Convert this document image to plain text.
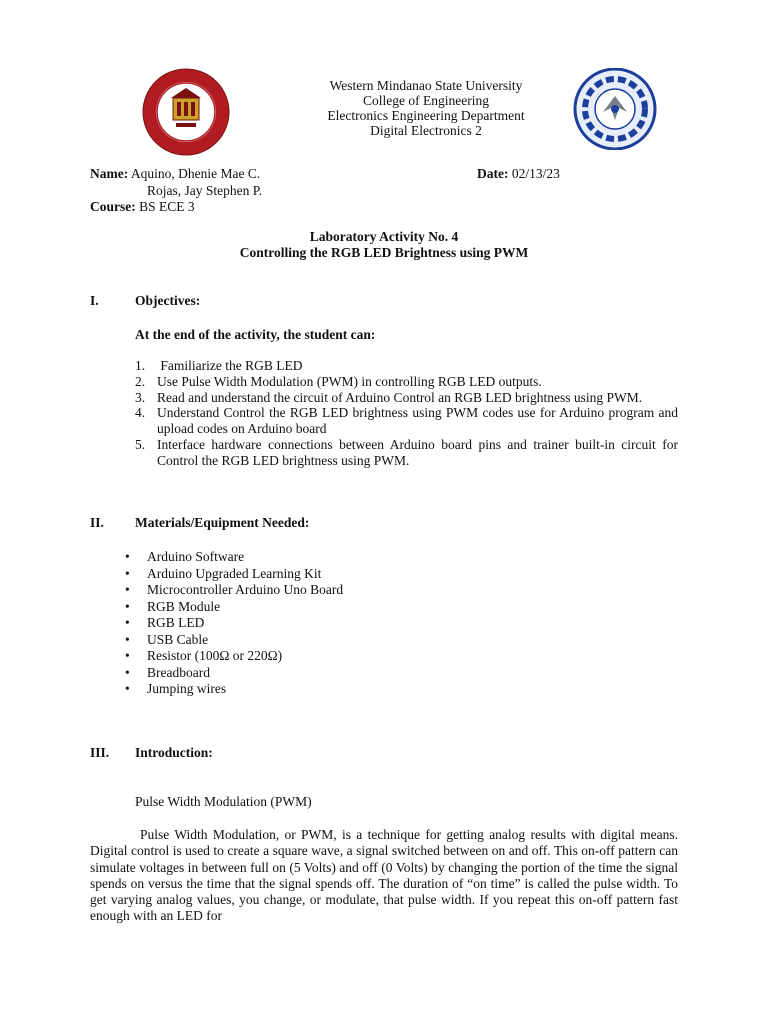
Western Mindanao State University
College of Engineering
Electronics Engineering Department
Digital Electronics 2
Name: Aquino, Dhenie Mae C.
Rojas, Jay Stephen P.
Course: BS ECE 3
Date: 02/13/23
Laboratory Activity No. 4
Controlling the RGB LED Brightness using PWM
I.	Objectives:
At the end of the activity, the student can:
1. Familiarize the RGB LED
2. Use Pulse Width Modulation (PWM) in controlling RGB LED outputs.
3. Read and understand the circuit of Arduino Control an RGB LED brightness using PWM.
4. Understand Control the RGB LED brightness using PWM codes use for Arduino program and upload codes on Arduino board
5. Interface hardware connections between Arduino board pins and trainer built-in circuit for Control the RGB LED brightness using PWM.
II. Materials/Equipment Needed:
• Arduino Software
• Arduino Upgraded Learning Kit
• Microcontroller Arduino Uno Board
• RGB Module
• RGB LED
• USB Cable
• Resistor (100Ω or 220Ω)
• Breadboard
• Jumping wires
III. Introduction:
Pulse Width Modulation (PWM)

Pulse Width Modulation, or PWM, is a technique for getting analog results with digital means. Digital control is used to create a square wave, a signal switched between on and off. This on-off pattern can simulate voltages in between full on (5 Volts) and off (0 Volts) by changing the portion of the time the signal spends on versus the time that the signal spends off. The duration of “on time” is called the pulse width. To get varying analog values, you change, or modulate, that pulse width. If you repeat this on-off pattern fast enough with an LED for
